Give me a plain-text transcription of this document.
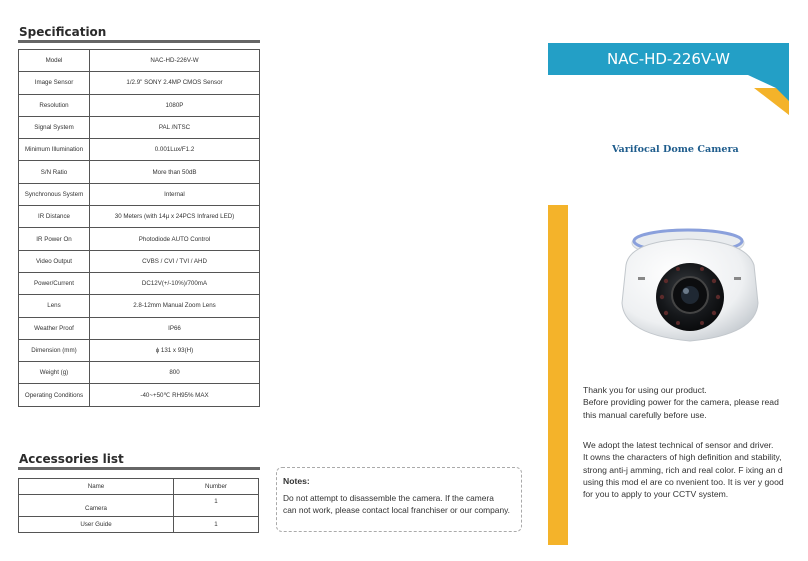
Specification
Model	NAC-HD-226V-W
Image Sensor	1/2.9" SONY 2.4MP CMOS Sensor
Resolution	1080P
Signal System	PAL /NTSC
Minimum Illumination	0.001Lux/F1.2
S/N Ratio	More than 50dB
Synchronous System	Internal
IR Distance	30 Meters (with 14µ x 24PCS Infrared LED)
IR Power On	Photodiode AUTO Control
Video Output	CVBS / CVI / TVI / AHD
Power/Current	DC12V(+/-10%)/700mA
Lens	2.8-12mm Manual Zoom Lens
Weather Proof	IP66
Dimension (mm)	ɸ 131 x 93(H)
Weight (g)	800
Operating Conditions	-40~+50℃ RH95% MAX
Accessories list
Name	Number
Camera	1
User Guide	1
Notes:
Do not attempt to disassemble the camera. If the camera
can not work, please contact local franchiser or our company.
NAC-HD-226V-W
Varifocal Dome Camera
Thank you for using our product.
Before providing power for the camera, please read
this manual carefully before use.
We adopt the latest technical of sensor and driver.
It owns the characters of high definition and stability,
strong anti-j amming, rich and real color. F ixing an d
using this mod el are co nvenient too. It is ver y good
for you to apply to your CCTV system.
